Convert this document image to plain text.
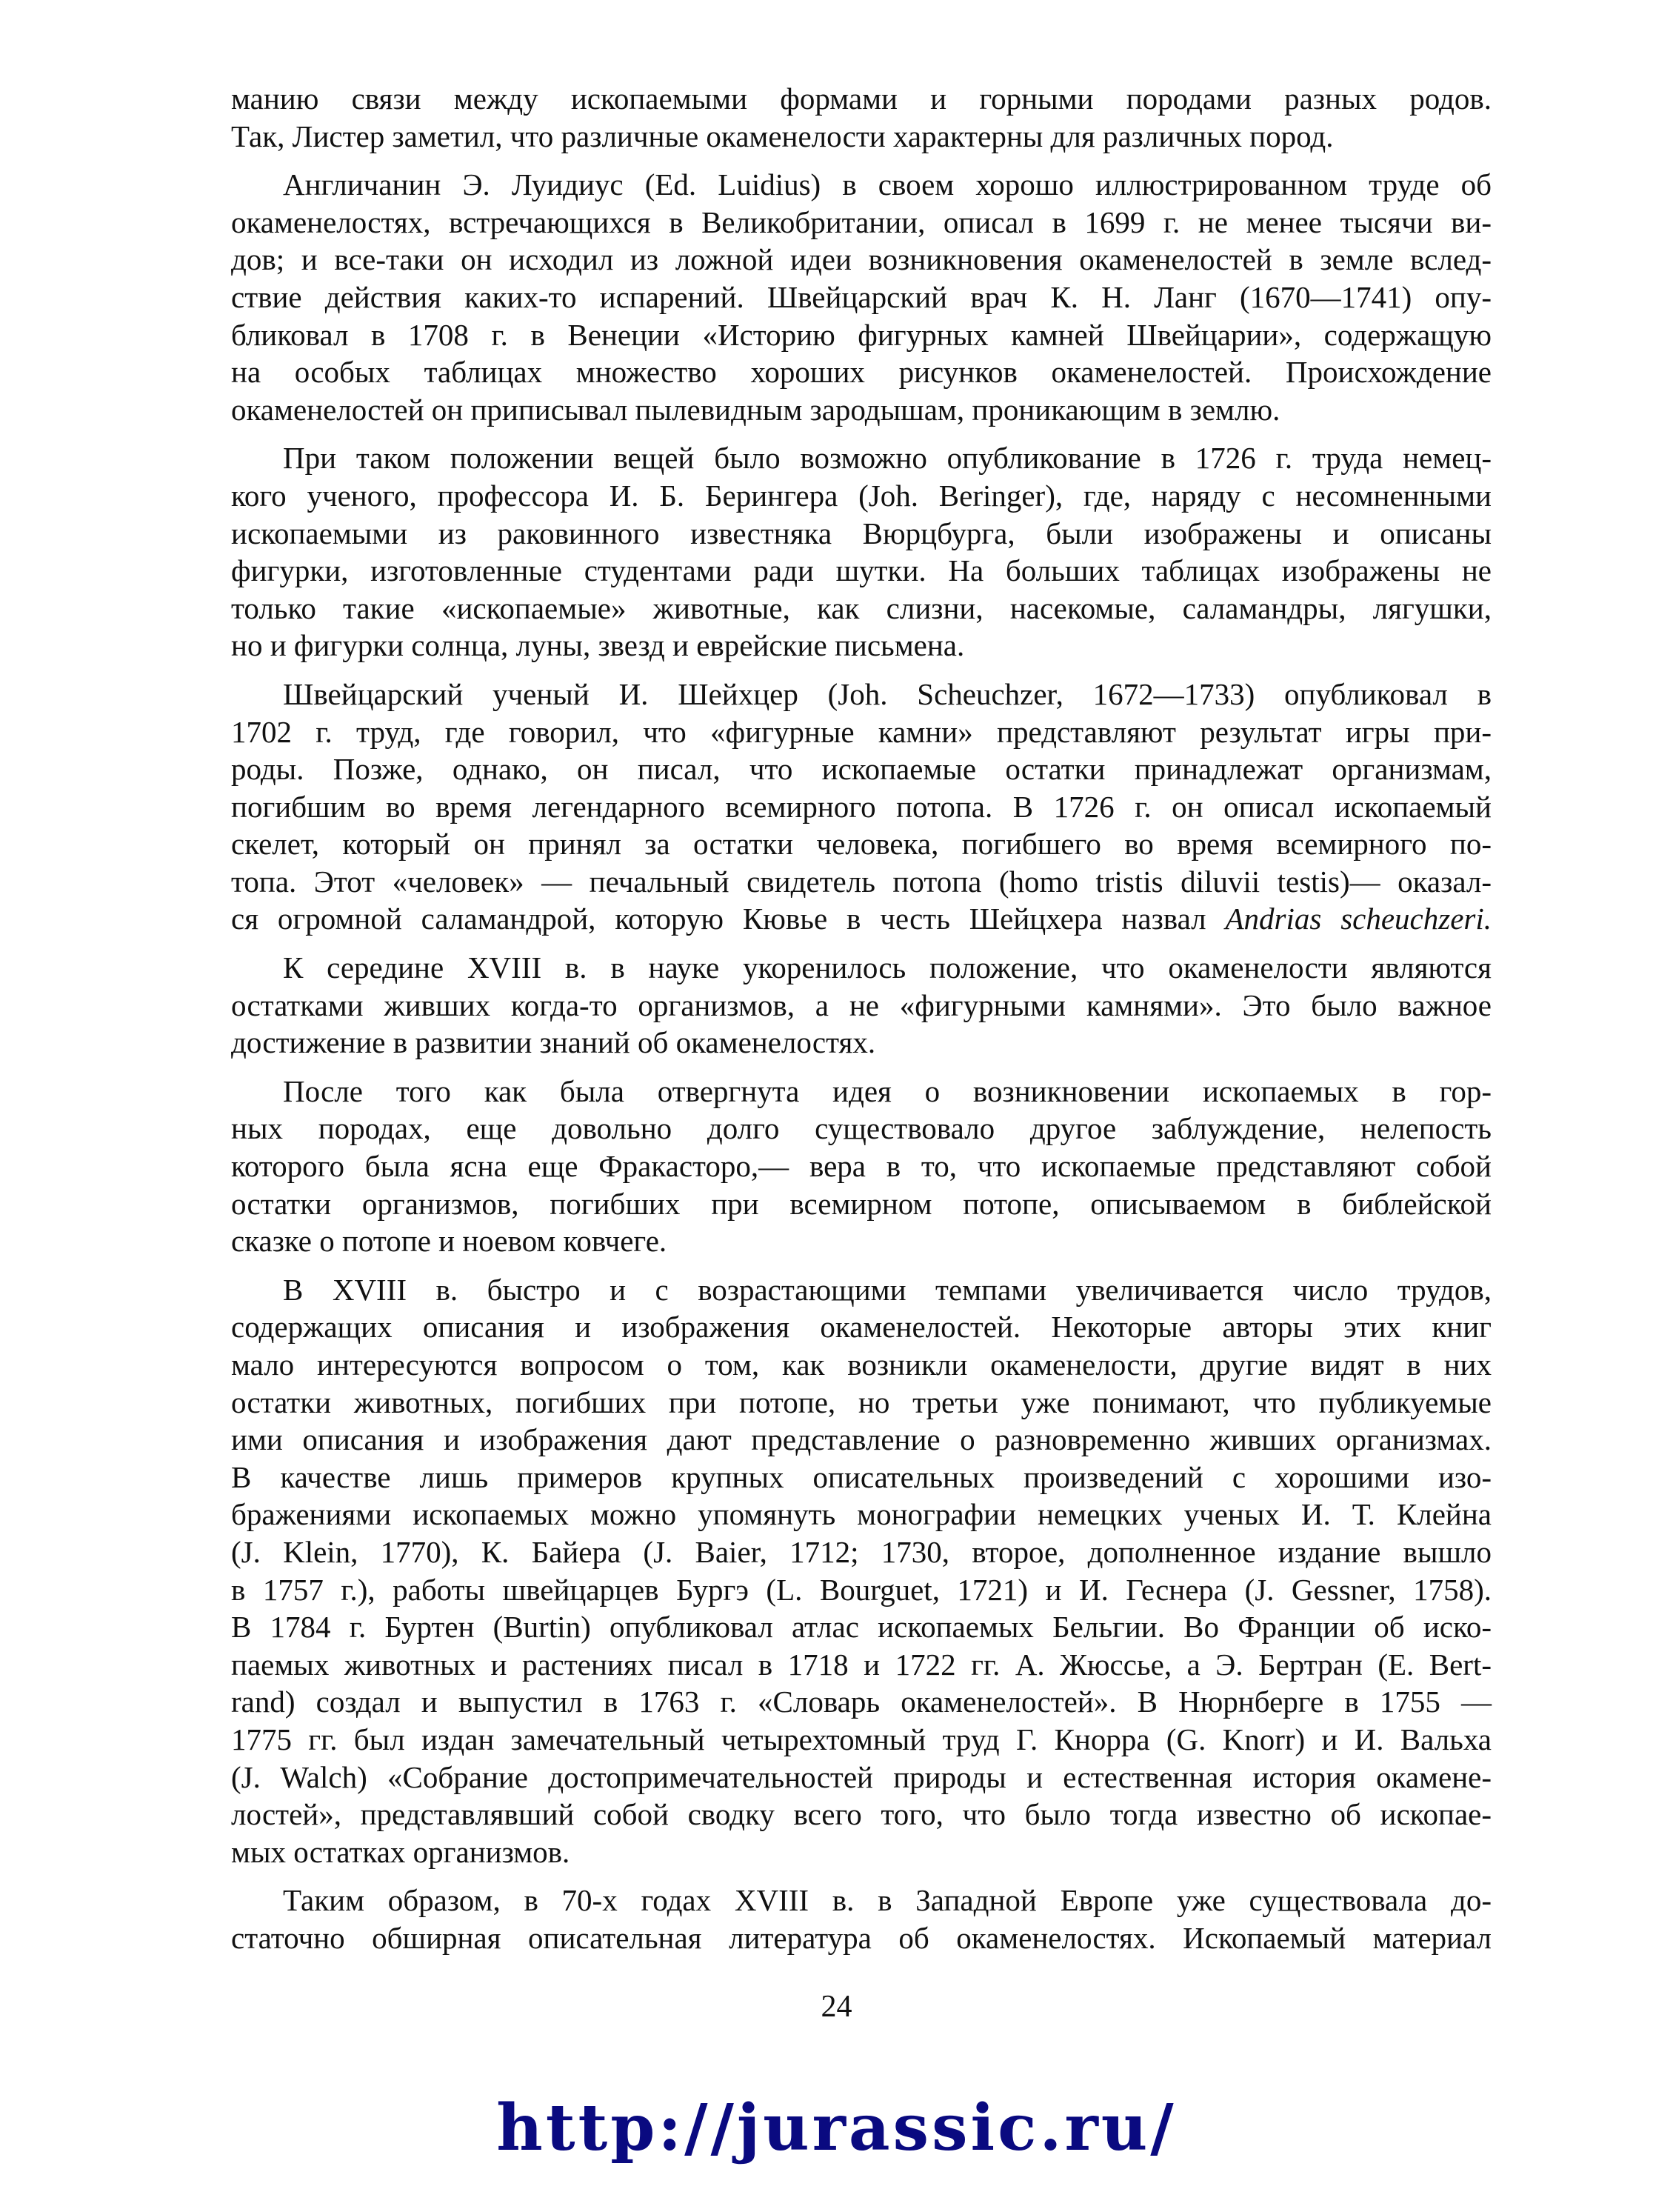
манию связи между ископаемыми формами и горными породами разных родов.
Так, Листер заметил, что различные окаменелости характерны для различных пород.
Англичанин Э. Луидиус (Ed. Luidius) в своем хорошо иллюстрированном труде об
окаменелостях, встречающихся в Великобритании, описал в 1699 г. не менее тысячи ви-
дов; и все-таки он исходил из ложной идеи возникновения окаменелостей в земле вслед-
ствие действия каких-то испарений. Швейцарский врач К. Н. Ланг (1670—1741) опу-
бликовал в 1708 г. в Венеции «Историю фигурных камней Швейцарии», содержащую
на особых таблицах множество хороших рисунков окаменелостей. Происхождение
окаменелостей он приписывал пылевидным зародышам, проникающим в землю.
При таком положении вещей было возможно опубликование в 1726 г. труда немец-
кого ученого, профессора И. Б. Берингера (Joh. Beringer), где, наряду с несомненными
ископаемыми из раковинного известняка Вюрцбурга, были изображены и описаны
фигурки, изготовленные студентами ради шутки. На больших таблицах изображены не
только такие «ископаемые» животные, как слизни, насекомые, саламандры, лягушки,
но и фигурки солнца, луны, звезд и еврейские письмена.
Швейцарский ученый И. Шейхцер (Joh. Scheuchzer, 1672—1733) опубликовал в
1702 г. труд, где говорил, что «фигурные камни» представляют результат игры при-
роды. Позже, однако, он писал, что ископаемые остатки принадлежат организмам,
погибшим во время легендарного всемирного потопа. В 1726 г. он описал ископаемый
скелет, который он принял за остатки человека, погибшего во время всемирного по-
топа. Этот «человек» — печальный свидетель потопа (homo tristis diluvii testis)— оказал-
ся огромной саламандрой, которую Кювье в честь Шейцхера назвал Andrias scheuchzeri.
К середине XVIII в. в науке укоренилось положение, что окаменелости являются
остатками живших когда-то организмов, а не «фигурными камнями». Это было важное
достижение в развитии знаний об окаменелостях.
После того как была отвергнута идея о возникновении ископаемых в гор-
ных породах, еще довольно долго существовало другое заблуждение, нелепость
которого была ясна еще Фракасторо,— вера в то, что ископаемые представляют собой
остатки организмов, погибших при всемирном потопе, описываемом в библейской
сказке о потопе и ноевом ковчеге.
В XVIII в. быстро и с возрастающими темпами увеличивается число трудов,
содержащих описания и изображения окаменелостей. Некоторые авторы этих книг
мало интересуются вопросом о том, как возникли окаменелости, другие видят в них
остатки животных, погибших при потопе, но третьи уже понимают, что публикуемые
ими описания и изображения дают представление о разновременно живших организмах.
В качестве лишь примеров крупных описательных произведений с хорошими изо-
бражениями ископаемых можно упомянуть монографии немецких ученых И. Т. Клейна
(J. Klein, 1770), К. Байера (J. Baier, 1712; 1730, второе, дополненное издание вышло
в 1757 г.), работы швейцарцев Бургэ (L. Bourguet, 1721) и И. Геснера (J. Gessner, 1758).
В 1784 г. Буртен (Burtin) опубликовал атлас ископаемых Бельгии. Во Франции об иско-
паемых животных и растениях писал в 1718 и 1722 гг. А. Жюссье, а Э. Бертран (E. Bert-
rand) создал и выпустил в 1763 г. «Словарь окаменелостей». В Нюрнберге в 1755 —
1775 гг. был издан замечательный четырехтомный труд Г. Кнорра (G. Knorr) и И. Вальха
(J. Walch) «Собрание достопримечательностей природы и естественная история окамене-
лостей», представлявший собой сводку всего того, что было тогда известно об ископае-
мых остатках организмов.
Таким образом, в 70-х годах XVIII в. в Западной Европе уже существовала до-
статочно обширная описательная литература об окаменелостях. Ископаемый материал
24
http://jurassic.ru/
